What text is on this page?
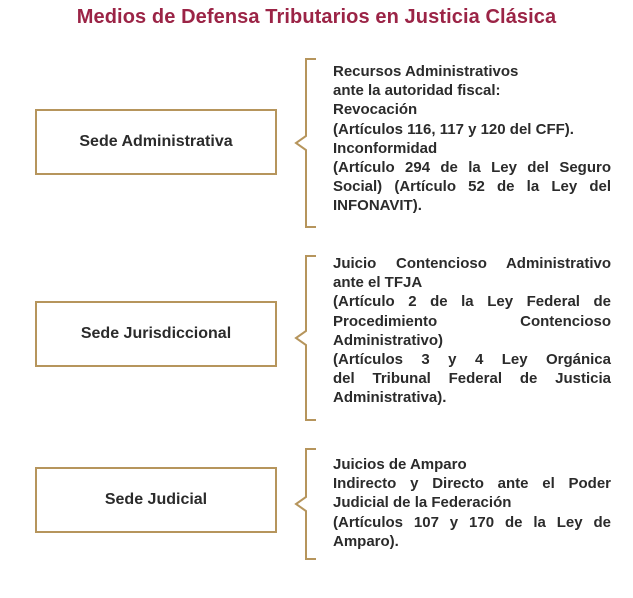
Medios de Defensa Tributarios en Justicia Clásica
Sede Administrativa
Recursos Administrativos
ante la autoridad fiscal:
Revocación
(Artículos 116, 117 y 120 del CFF).
Inconformidad
(Artículo 294 de la Ley del Seguro
Social) (Artículo 52 de la Ley del
INFONAVIT).
Sede Jurisdiccional
Juicio Contencioso Administrativo
ante el TFJA
(Artículo 2 de la Ley Federal de
Procedimiento Contencioso
Administrativo)
(Artículos 3 y 4 Ley Orgánica
del Tribunal Federal de Justicia
Administrativa).
Sede Judicial
Juicios de Amparo
Indirecto y Directo ante el Poder
Judicial de la Federación
(Artículos 107 y 170 de la Ley de
Amparo).
